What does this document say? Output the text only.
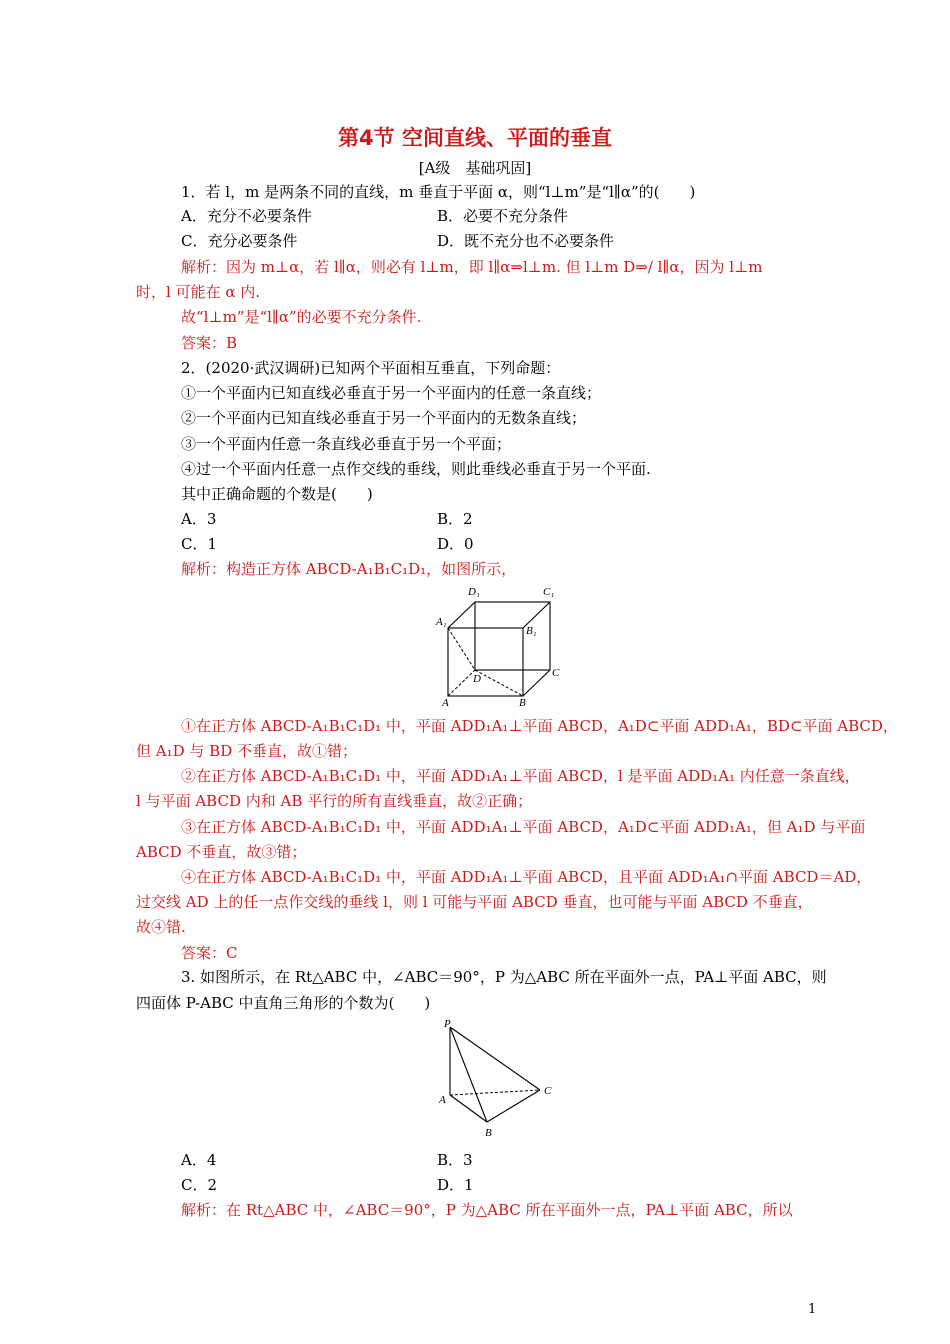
第4节 空间直线、平面的垂直
[A级　基础巩固]
1．若 l，m 是两条不同的直线，m 垂直于平面 α，则“l⊥m”是“l∥α”的(　　)
A．充分不必要条件	B．必要不充分条件
C．充分必要条件	D．既不充分也不必要条件
解析：因为 m⊥α，若 l∥α，则必有 l⊥m，即 l∥α⇒l⊥m. 但 l⊥m D⇒/ l∥α，因为 l⊥m
时，l 可能在 α 内.
故“l⊥m”是“l∥α”的必要不充分条件.
答案：B
2．(2020·武汉调研)已知两个平面相互垂直，下列命题：
①一个平面内已知直线必垂直于另一个平面内的任意一条直线；
②一个平面内已知直线必垂直于另一个平面内的无数条直线；
③一个平面内任意一条直线必垂直于另一个平面；
④过一个平面内任意一点作交线的垂线，则此垂线必垂直于另一个平面.
其中正确命题的个数是(　　)
A．3	B．2
C．1	D．0
解析：构造正方体 ABCD-A₁B₁C₁D₁，如图所示，
D₁	C₁
A₁
B₁
D	C
A	B
①在正方体 ABCD-A₁B₁C₁D₁ 中，平面 ADD₁A₁⊥平面 ABCD，A₁D⊂平面 ADD₁A₁，BD⊂平面 ABCD，
但 A₁D 与 BD 不垂直，故①错；
②在正方体 ABCD-A₁B₁C₁D₁ 中，平面 ADD₁A₁⊥平面 ABCD，l 是平面 ADD₁A₁ 内任意一条直线，
l 与平面 ABCD 内和 AB 平行的所有直线垂直，故②正确；
③在正方体 ABCD-A₁B₁C₁D₁ 中，平面 ADD₁A₁⊥平面 ABCD，A₁D⊂平面 ADD₁A₁，但 A₁D 与平面
ABCD 不垂直，故③错；
④在正方体 ABCD-A₁B₁C₁D₁ 中，平面 ADD₁A₁⊥平面 ABCD，且平面 ADD₁A₁∩平面 ABCD＝AD，
过交线 AD 上的任一点作交线的垂线 l，则 l 可能与平面 ABCD 垂直，也可能与平面 ABCD 不垂直，
故④错.
答案：C
3. 如图所示，在 Rt△ABC 中，∠ABC＝90°，P 为△ABC 所在平面外一点，PA⊥平面 ABC，则
四面体 P-ABC 中直角三角形的个数为(　　)
P
C
A
B
A．4	B．3
C．2	D．1
解析：在 Rt△ABC 中，∠ABC＝90°，P 为△ABC 所在平面外一点，PA⊥平面 ABC，所以
1
